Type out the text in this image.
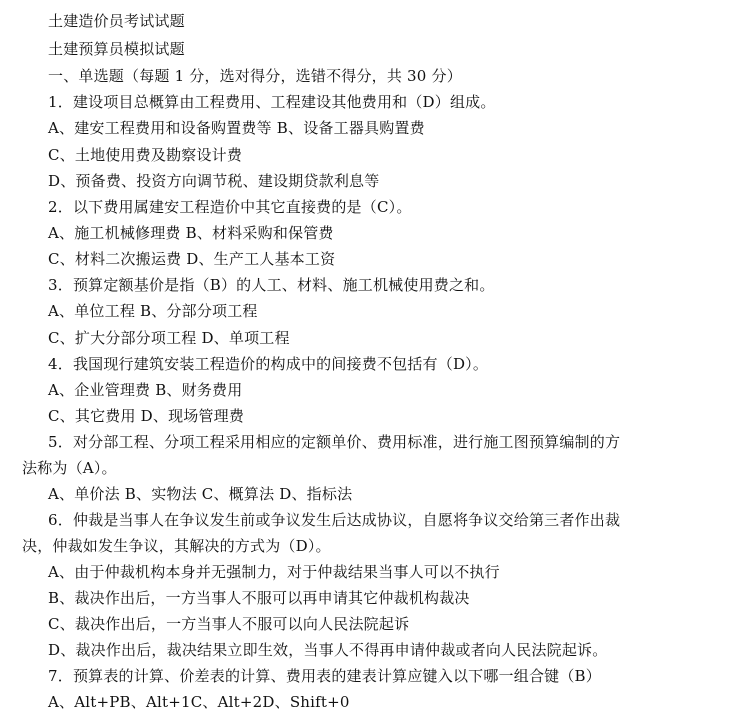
土建造价员考试试题
土建预算员模拟试题
一、单选题（每题 1 分，选对得分，选错不得分，共 30 分）
1．建设项目总概算由工程费用、工程建设其他费用和（D）组成。
A、建安工程费用和设备购置费等 B、设备工器具购置费
C、土地使用费及勘察设计费
D、预备费、投资方向调节税、建设期贷款利息等
2．以下费用属建安工程造价中其它直接费的是（C）。
A、施工机械修理费 B、材料采购和保管费
C、材料二次搬运费 D、生产工人基本工资
3．预算定额基价是指（B）的人工、材料、施工机械使用费之和。
A、单位工程 B、分部分项工程
C、扩大分部分项工程 D、单项工程
4．我国现行建筑安装工程造价的构成中的间接费不包括有（D）。
A、企业管理费 B、财务费用
C、其它费用 D、现场管理费
5．对分部工程、分项工程采用相应的定额单价、费用标准，进行施工图预算编制的方
法称为（A）。
A、单价法 B、实物法 C、概算法 D、指标法
6．仲裁是当事人在争议发生前或争议发生后达成协议，自愿将争议交给第三者作出裁
决，仲裁如发生争议，其解决的方式为（D）。
A、由于仲裁机构本身并无强制力，对于仲裁结果当事人可以不执行
B、裁决作出后，一方当事人不服可以再申请其它仲裁机构裁决
C、裁决作出后，一方当事人不服可以向人民法院起诉
D、裁决作出后，裁决结果立即生效，当事人不得再申请仲裁或者向人民法院起诉。
7．预算表的计算、价差表的计算、费用表的建表计算应键入以下哪一组合键（B）
A、Alt+PB、Alt+1C、Alt+2D、Shift+0
